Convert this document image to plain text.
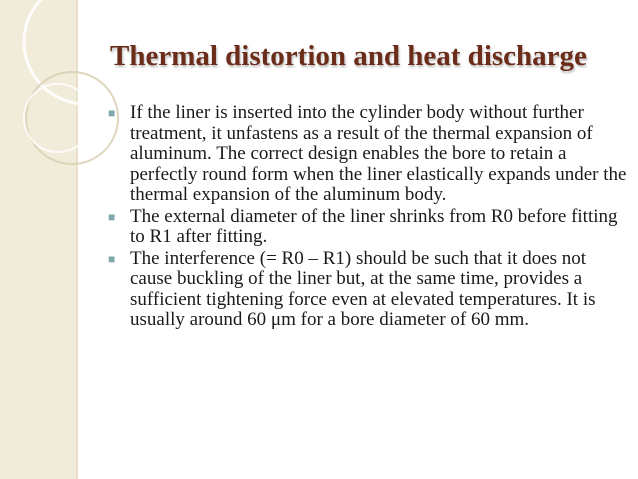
Thermal distortion and heat discharge
■ If the liner is inserted into the cylinder body without further treatment, it unfastens as a result of the thermal expansion of aluminum. The correct design enables the bore to retain a perfectly round form when the liner elastically expands under the thermal expansion of the aluminum body.
■ The external diameter of the liner shrinks from R0 before fitting to R1 after fitting.
■ The interference (= R0 – R1) should be such that it does not cause buckling of the liner but, at the same time, provides a sufficient tightening force even at elevated temperatures. It is usually around 60 μm for a bore diameter of 60 mm.
